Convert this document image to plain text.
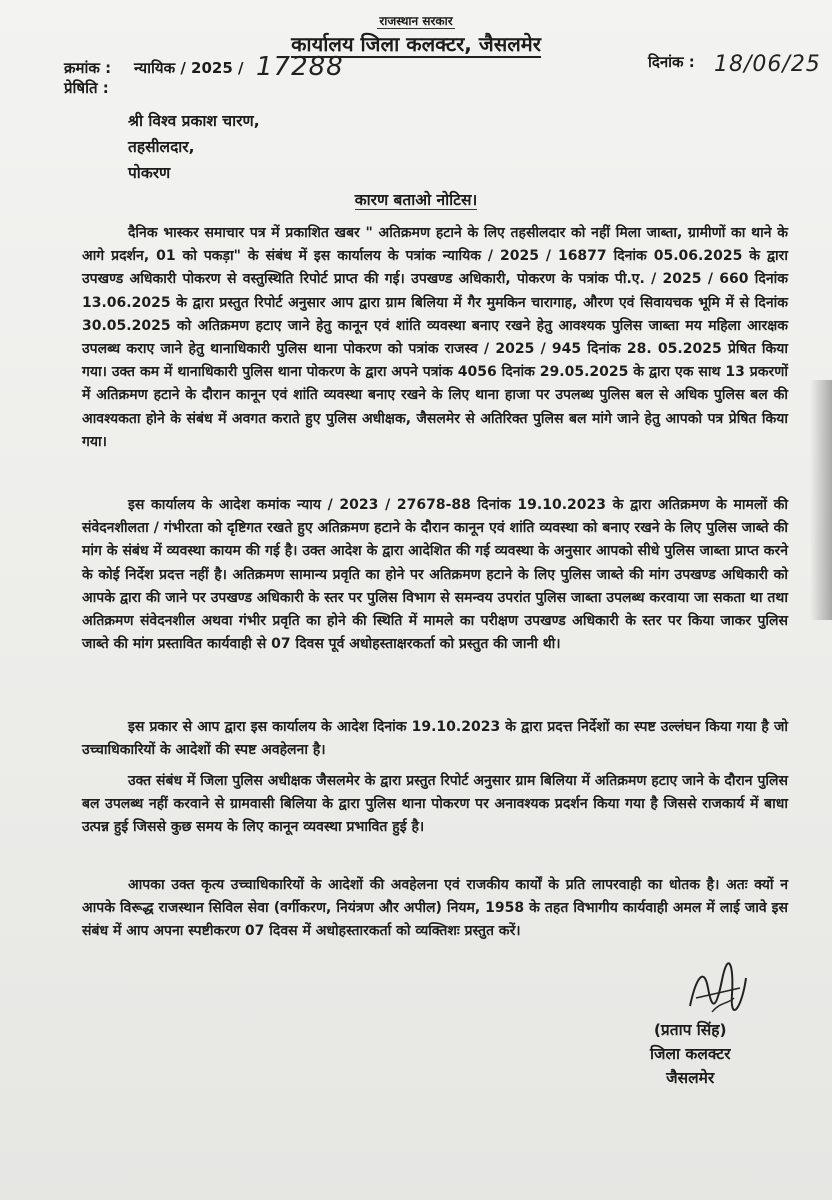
राजस्थान सरकार
कार्यालय जिला कलक्टर, जैसलमेर
क्रमांक : न्यायिक / 2025 / 17288
प्रेषिति :
दिनांक : 18/06/25
श्री विश्व प्रकाश चारण,
तहसीलदार,
पोकरण
कारण बताओ नोटिस।

दैनिक भास्कर समाचार पत्र में प्रकाशित खबर " अतिक्रमण हटाने के लिए तहसीलदार को नहीं मिला जाब्ता, ग्रामीणों का थाने के आगे प्रदर्शन, 01 को पकड़ा" के संबंध में इस कार्यालय के पत्रांक न्यायिक / 2025 / 16877 दिनांक 05.06.2025 के द्वारा उपखण्ड अधिकारी पोकरण से वस्तुस्थिति रिपोर्ट प्राप्त की गई। उपखण्ड अधिकारी, पोकरण के पत्रांक पी.ए. / 2025 / 660 दिनांक 13.06.2025 के द्वारा प्रस्तुत रिपोर्ट अनुसार आप द्वारा ग्राम बिलिया में गैर मुमकिन चारागाह, औरण एवं सिवायचक भूमि में से दिनांक 30.05.2025 को अतिक्रमण हटाए जाने हेतु कानून एवं शांति व्यवस्था बनाए रखने हेतु आवश्यक पुलिस जाब्ता मय महिला आरक्षक उपलब्ध कराए जाने हेतु थानाधिकारी पुलिस थाना पोकरण को पत्रांक राजस्व / 2025 / 945 दिनांक 28. 05.2025 प्रेषित किया गया। उक्त कम में थानाधिकारी पुलिस थाना पोकरण के द्वारा अपने पत्रांक 4056 दिनांक 29.05.2025 के द्वारा एक साथ 13 प्रकरणों में अतिक्रमण हटाने के दौरान कानून एवं शांति व्यवस्था बनाए रखने के लिए थाना हाजा पर उपलब्ध पुलिस बल से अधिक पुलिस बल की आवश्यकता होने के संबंध में अवगत कराते हुए पुलिस अधीक्षक, जैसलमेर से अतिरिक्त पुलिस बल मांगे जाने हेतु आपको पत्र प्रेषित किया गया।

इस कार्यालय के आदेश कमांक न्याय / 2023 / 27678-88 दिनांक 19.10.2023 के द्वारा अतिक्रमण के मामलों की संवेदनशीलता / गंभीरता को दृष्टिगत रखते हुए अतिक्रमण हटाने के दौरान कानून एवं शांति व्यवस्था को बनाए रखने के लिए पुलिस जाब्ते की मांग के संबंध में व्यवस्था कायम की गई है। उक्त आदेश के द्वारा आदेशित की गई व्यवस्था के अनुसार आपको सीधे पुलिस जाब्ता प्राप्त करने के कोई निर्देश प्रदत्त नहीं है। अतिक्रमण सामान्य प्रवृति का होने पर अतिक्रमण हटाने के लिए पुलिस जाब्ते की मांग उपखण्ड अधिकारी को आपके द्वारा की जाने पर उपखण्ड अधिकारी के स्तर पर पुलिस विभाग से समन्वय उपरांत पुलिस जाब्ता उपलब्ध करवाया जा सकता था तथा अतिक्रमण संवेदनशील अथवा गंभीर प्रवृति का होने की स्थिति में मामले का परीक्षण उपखण्ड अधिकारी के स्तर पर किया जाकर पुलिस जाब्ते की मांग प्रस्तावित कार्यवाही से 07 दिवस पूर्व अधोहस्ताक्षरकर्ता को प्रस्तुत की जानी थी।

इस प्रकार से आप द्वारा इस कार्यालय के आदेश दिनांक 19.10.2023 के द्वारा प्रदत्त निर्देशों का स्पष्ट उल्लंघन किया गया है जो उच्चाधिकारियों के आदेशों की स्पष्ट अवहेलना है।

उक्त संबंध में जिला पुलिस अधीक्षक जैसलमेर के द्वारा प्रस्तुत रिपोर्ट अनुसार ग्राम बिलिया में अतिक्रमण हटाए जाने के दौरान पुलिस बल उपलब्ध नहीं करवाने से ग्रामवासी बिलिया के द्वारा पुलिस थाना पोकरण पर अनावश्यक प्रदर्शन किया गया है जिससे राजकार्य में बाधा उत्पन्न हुई जिससे कुछ समय के लिए कानून व्यवस्था प्रभावित हुई है।

आपका उक्त कृत्य उच्चाधिकारियों के आदेशों की अवहेलना एवं राजकीय कार्यों के प्रति लापरवाही का धोतक है। अतः क्यों न आपके विरूद्ध राजस्थान सिविल सेवा (वर्गीकरण, नियंत्रण और अपील) नियम, 1958 के तहत विभागीय कार्यवाही अमल में लाई जावे इस संबंध में आप अपना स्पष्टीकरण 07 दिवस में अधोहस्तारकर्ता को व्यक्तिशः प्रस्तुत करें।

(प्रताप सिंह)
जिला कलक्टर
जैसलमेर
